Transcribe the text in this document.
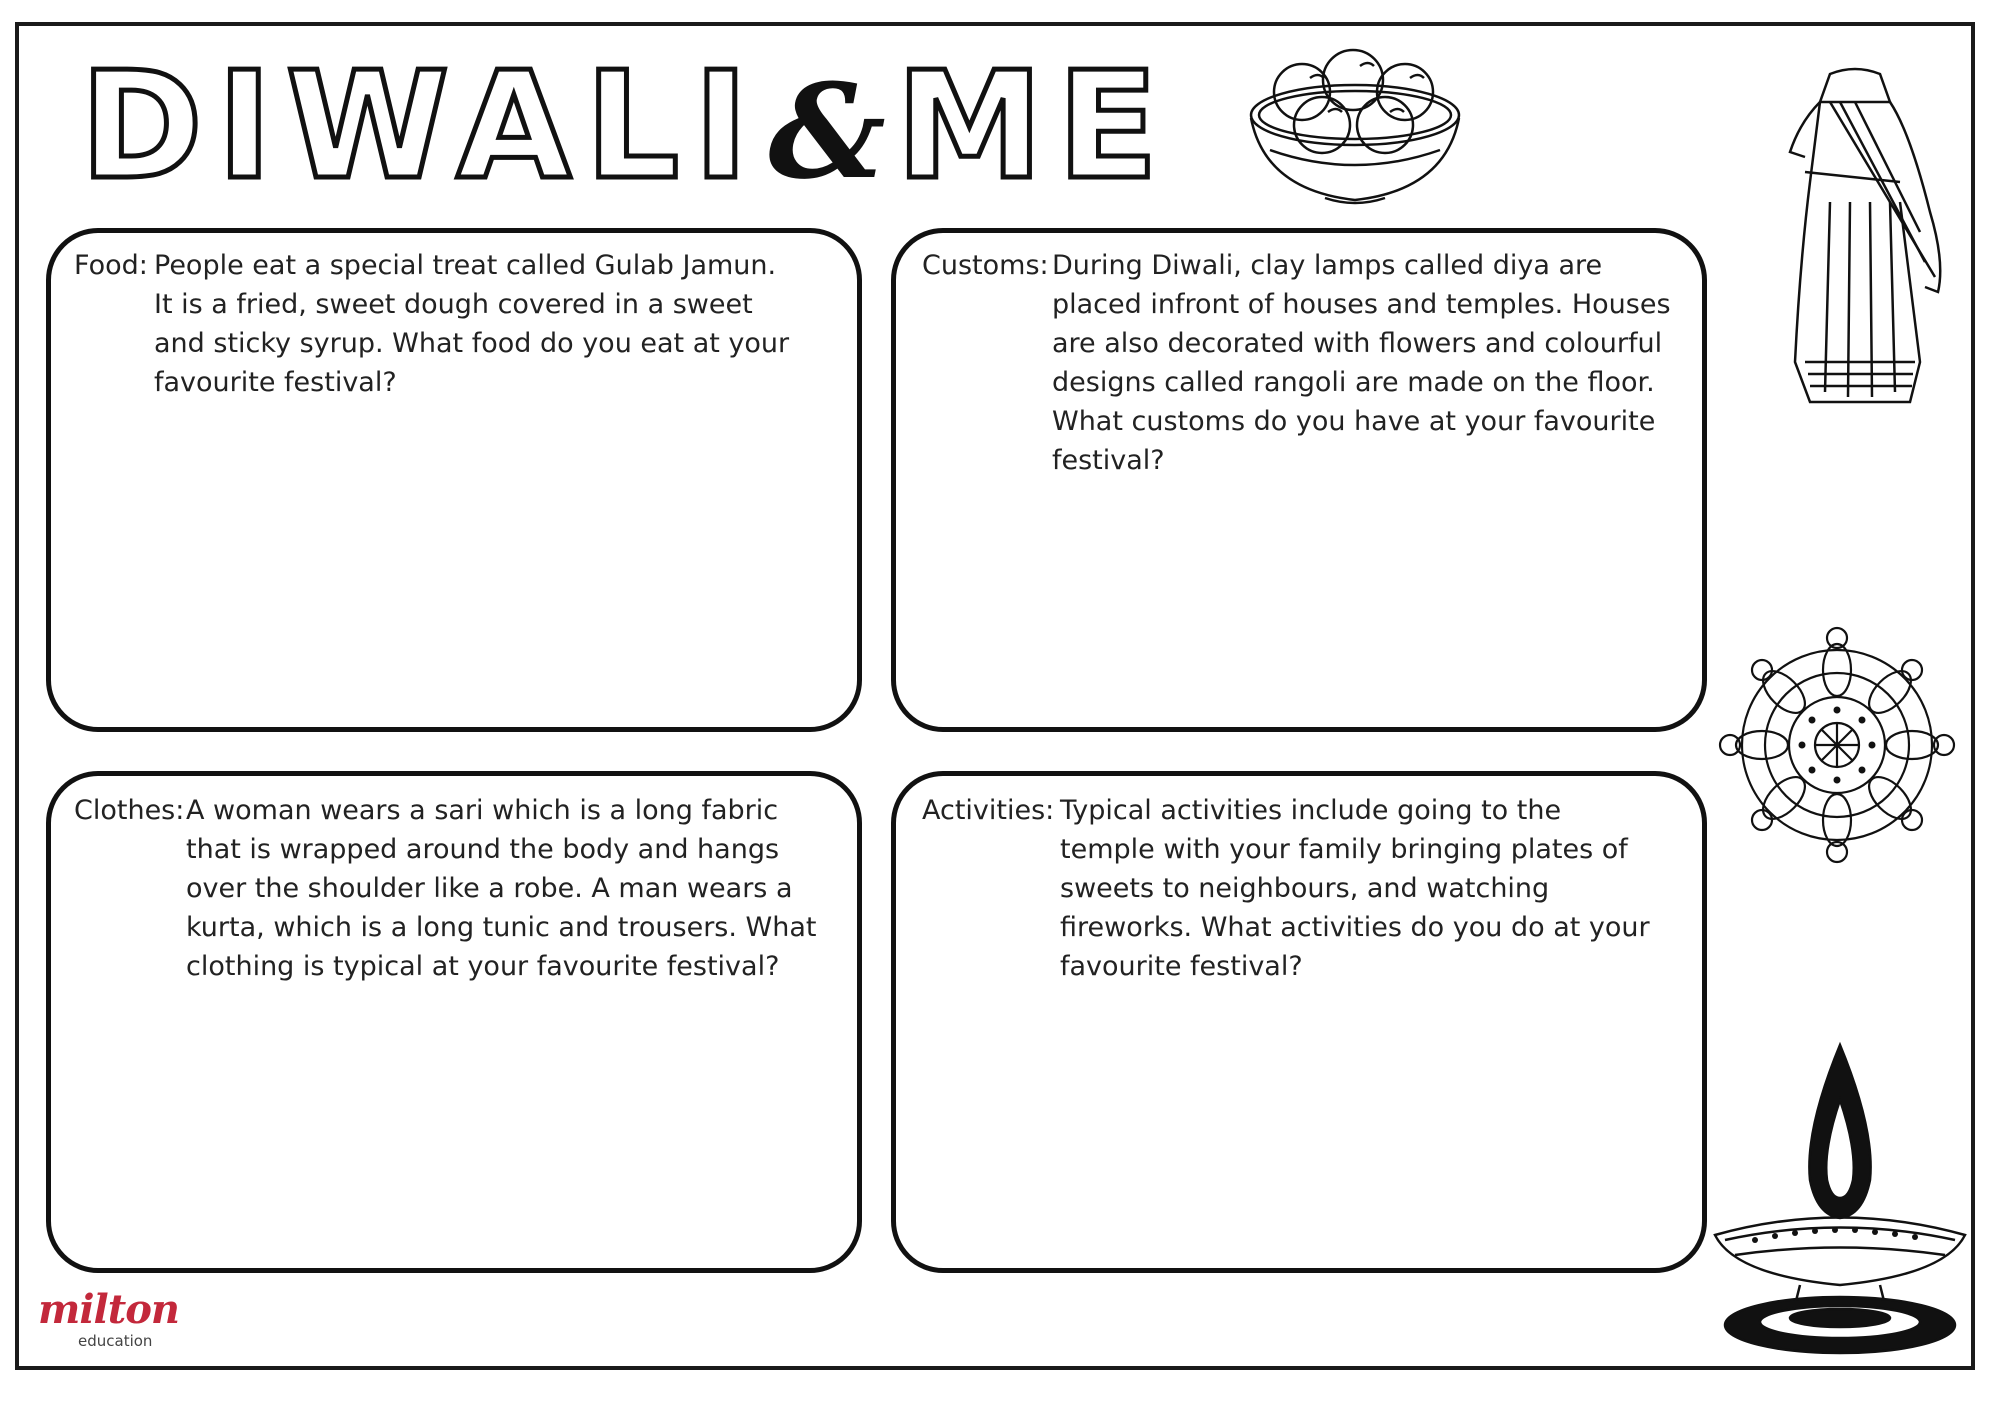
DIWALI&ME
Food: People eat a special treat called Gulab Jamun. It is a fried, sweet dough covered in a sweet and sticky syrup. What food do you eat at your favourite festival?
Customs: During Diwali, clay lamps called diya are placed infront of houses and temples. Houses are also decorated with flowers and colourful designs called rangoli are made on the floor. What customs do you have at your favourite festival?
Clothes: A woman wears a sari which is a long fabric that is wrapped around the body and hangs over the shoulder like a robe. A man wears a kurta, which is a long tunic and trousers. What clothing is typical at your favourite festival?
Activities: Typical activities include going to the temple with your family bringing plates of sweets to neighbours, and watching fireworks. What activities do you do at your favourite festival?
milton
education
